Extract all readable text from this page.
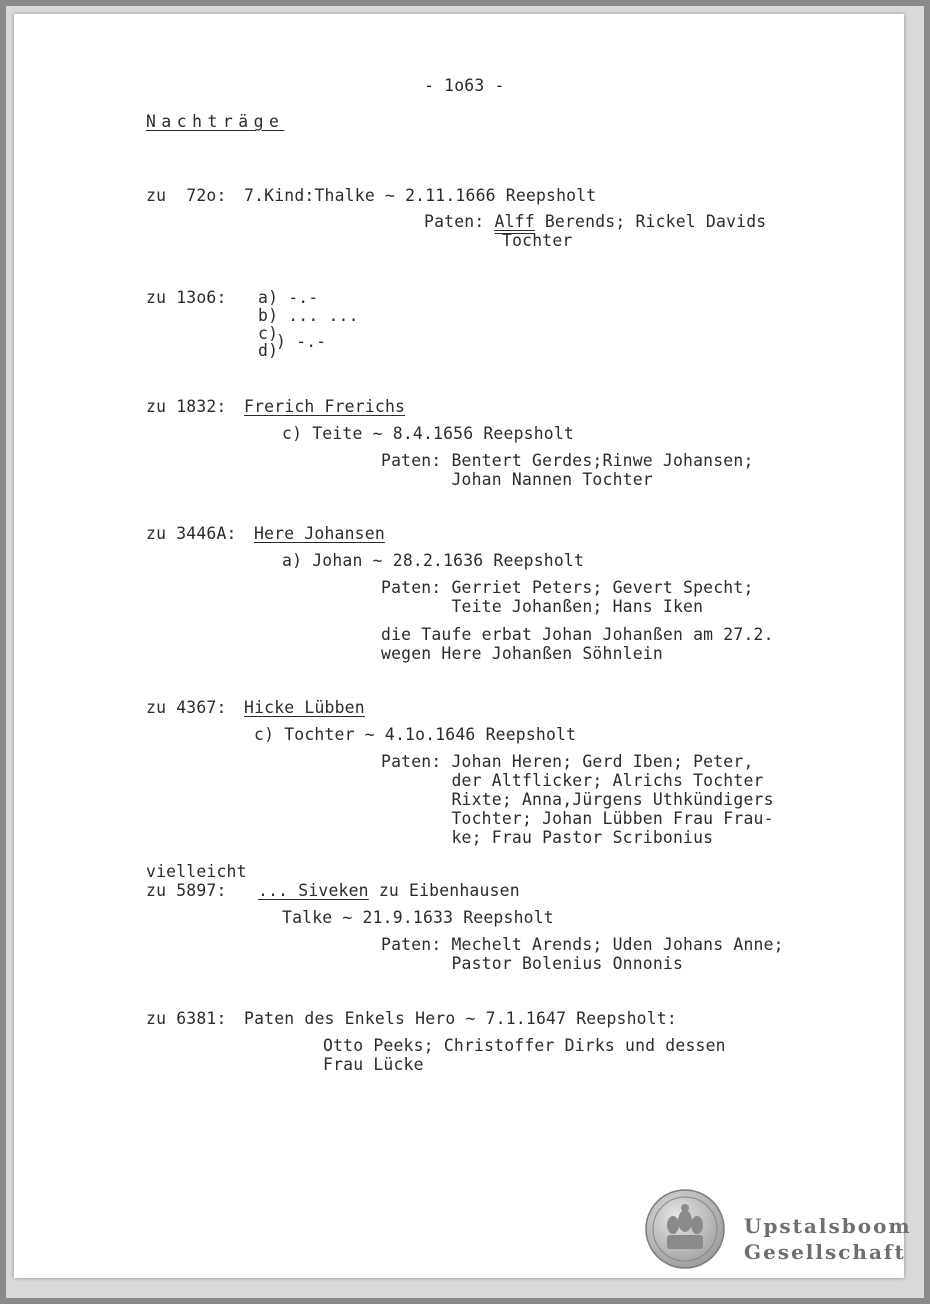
- 1o63 -
Nachträge
zu  72o: 7.Kind:Thalke ~ 2.11.1666 Reepsholt
Paten: Alff Berends; Rickel Davids
Tochter
zu 13o6: a) -.-
b) ... ...
c)
d)
) -.-
zu 1832: Frerich Frerichs
c) Teite ~ 8.4.1656 Reepsholt
Paten: Bentert Gerdes;Rinwe Johansen;
Johan Nannen Tochter
zu 3446A: Here Johansen
a) Johan ~ 28.2.1636 Reepsholt
Paten: Gerriet Peters; Gevert Specht;
Teite Johanßen; Hans Iken
die Taufe erbat Johan Johanßen am 27.2.
wegen Here Johanßen Söhnlein
zu 4367: Hicke Lübben
c) Tochter ~ 4.1o.1646 Reepsholt
Paten: Johan Heren; Gerd Iben; Peter,
der Altflicker; Alrichs Tochter
Rixte; Anna,Jürgens Uthkündigers
Tochter; Johan Lübben Frau Frau-
ke; Frau Pastor Scribonius
vielleicht
zu 5897: ... Siveken zu Eibenhausen
Talke ~ 21.9.1633 Reepsholt
Paten: Mechelt Arends; Uden Johans Anne;
Pastor Bolenius Onnonis
zu 6381: Paten des Enkels Hero ~ 7.1.1647 Reepsholt:
Otto Peeks; Christoffer Dirks und dessen
Frau Lücke
Upstalsboom
Gesellschaft
